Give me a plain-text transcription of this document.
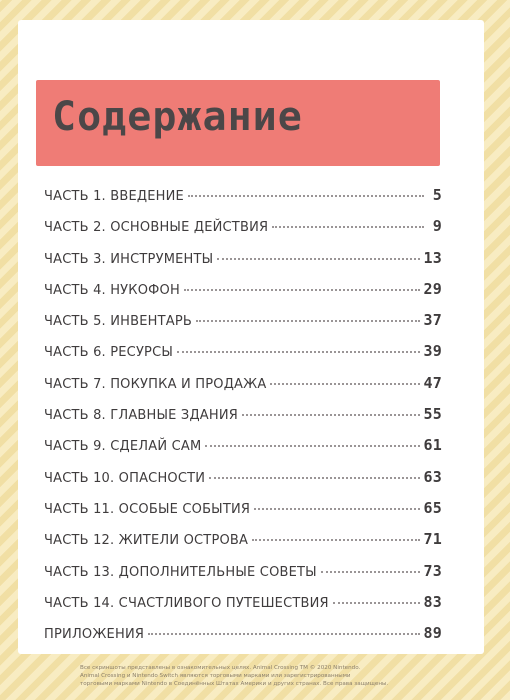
Содержание
ЧАСТЬ 1. ВВЕДЕНИЕ	5
ЧАСТЬ 2. ОСНОВНЫЕ ДЕЙСТВИЯ	9
ЧАСТЬ 3. ИНСТРУМЕНТЫ	13
ЧАСТЬ 4. НУКОФОН	29
ЧАСТЬ 5. ИНВЕНТАРЬ	37
ЧАСТЬ 6. РЕСУРСЫ	39
ЧАСТЬ 7. ПОКУПКА И ПРОДАЖА	47
ЧАСТЬ 8. ГЛАВНЫЕ ЗДАНИЯ	55
ЧАСТЬ 9. СДЕЛАЙ САМ	61
ЧАСТЬ 10. ОПАСНОСТИ	63
ЧАСТЬ 11. ОСОБЫЕ СОБЫТИЯ	65
ЧАСТЬ 12. ЖИТЕЛИ ОСТРОВА	71
ЧАСТЬ 13. ДОПОЛНИТЕЛЬНЫЕ СОВЕТЫ	73
ЧАСТЬ 14. СЧАСТЛИВОГО ПУТЕШЕСТВИЯ	83
ПРИЛОЖЕНИЯ	89
Все скриншоты представлены в ознакомительных целях. Animal Crossing TM © 2020 Nintendo.
Animal Crossing и Nintendo Switch являются торговыми марками или зарегистрированными
торговыми марками Nintendo в Соединённых Штатах Америки и других странах. Все права защищены.
